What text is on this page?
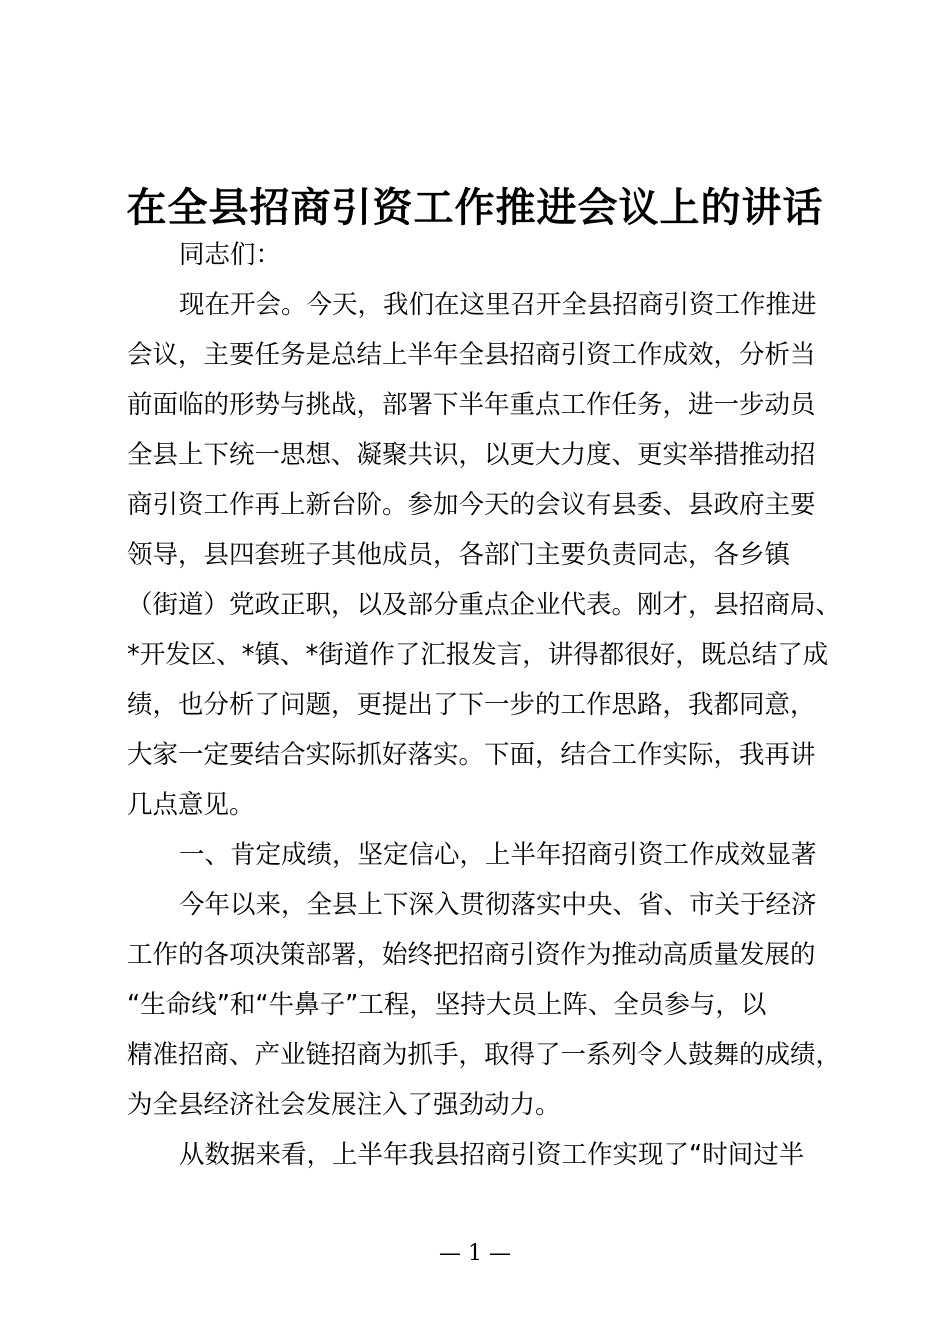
在全县招商引资工作推进会议上的讲话
同志们：
现在开会。今天，我们在这里召开全县招商引资工作推进
会议，主要任务是总结上半年全县招商引资工作成效，分析当
前面临的形势与挑战，部署下半年重点工作任务，进一步动员
全县上下统一思想、凝聚共识，以更大力度、更实举措推动招
商引资工作再上新台阶。参加今天的会议有县委、县政府主要
领导，县四套班子其他成员，各部门主要负责同志，各乡镇
（街道）党政正职，以及部分重点企业代表。刚才，县招商局、
*开发区、*镇、*街道作了汇报发言，讲得都很好，既总结了成
绩，也分析了问题，更提出了下一步的工作思路，我都同意，
大家一定要结合实际抓好落实。下面，结合工作实际，我再讲
几点意见。
一、肯定成绩，坚定信心，上半年招商引资工作成效显著
今年以来，全县上下深入贯彻落实中央、省、市关于经济
工作的各项决策部署，始终把招商引资作为推动高质量发展的
“生命线”和“牛鼻子”工程，坚持大员上阵、全员参与，以
精准招商、产业链招商为抓手，取得了一系列令人鼓舞的成绩，
为全县经济社会发展注入了强劲动力。
从数据来看，上半年我县招商引资工作实现了“时间过半
— 1 —
